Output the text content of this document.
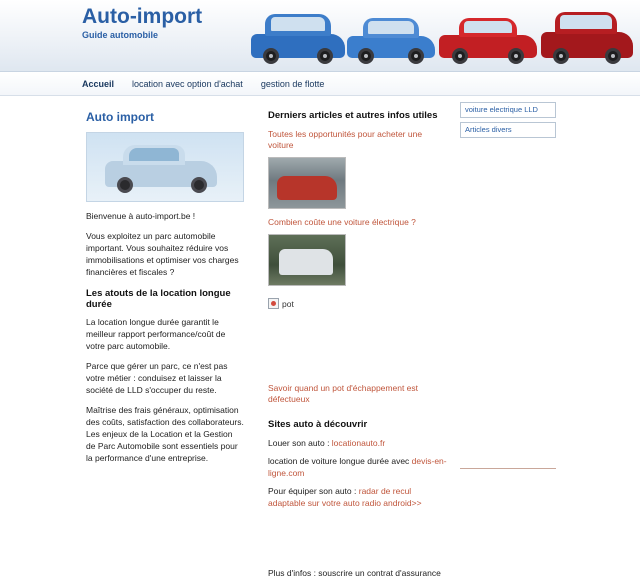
Auto-import
Guide automobile
Accueil location avec option d'achat gestion de flotte
Auto import

Bienvenue à auto-import.be !

Vous exploitez un parc automobile important. Vous souhaitez réduire vos immobilisations et optimiser vos charges financières et fiscales ?

Les atouts de la location longue durée

La location longue durée garantit le meilleur rapport performance/coût de votre parc automobile.

Parce que gérer un parc, ce n'est pas votre métier : conduisez et laisser la société de LLD s'occuper du reste.

Maîtrise des frais généraux, optimisation des coûts, satisfaction des collaborateurs. Les enjeux de la Location et la Gestion de Parc Automobile sont essentiels pour la performance d'une entreprise.

Derniers articles et autres infos utiles
Toutes les opportunités pour acheter une voiture
Combien coûte une voiture électrique ?
pot
Savoir quand un pot d'échappement est défectueux
Sites auto à découvrir

Louer son auto : locationauto.fr

location de voiture longue durée avec devis-en-ligne.com

Pour équiper son auto : radar de recul adaptable sur votre auto radio android>>

Plus d'infos : souscrire un contrat d'assurance
voiture electrique LLD
Articles divers
